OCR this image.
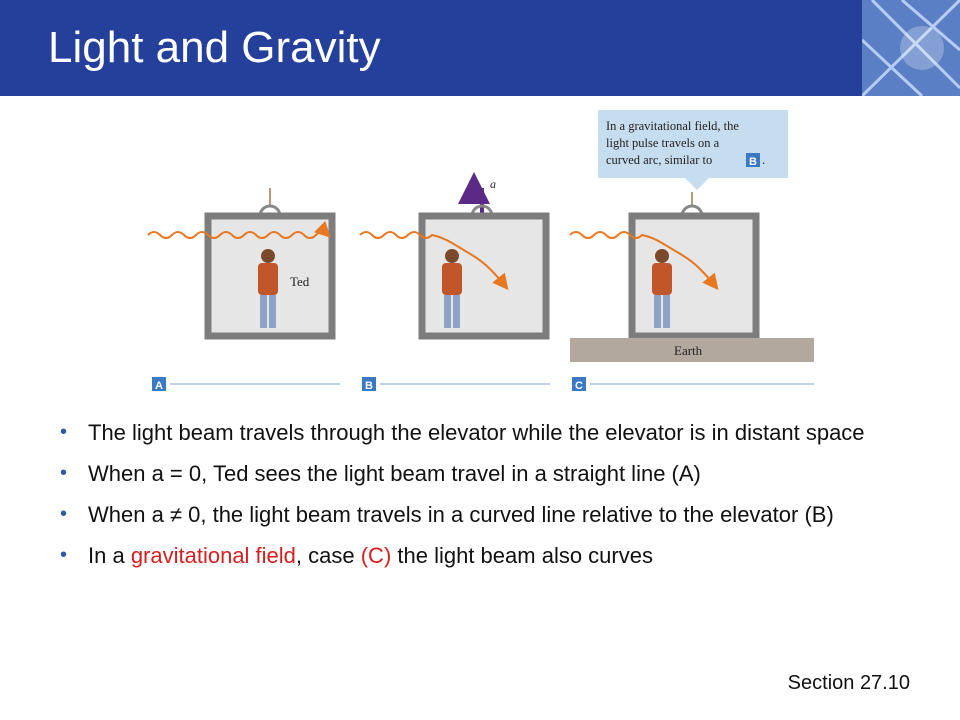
Light and Gravity
In a gravitational field, the
light pulse travels on a
curved arc, similar to	B .
Ted
a
Earth
A	B	C
• The light beam travels through the elevator while the elevator is in distant space
• When a = 0, Ted sees the light beam travel in a straight line (A)
• When a ≠ 0, the light beam travels in a curved line relative to the elevator (B)
• In a gravitational field, case (C) the light beam also curves
Section 27.10
